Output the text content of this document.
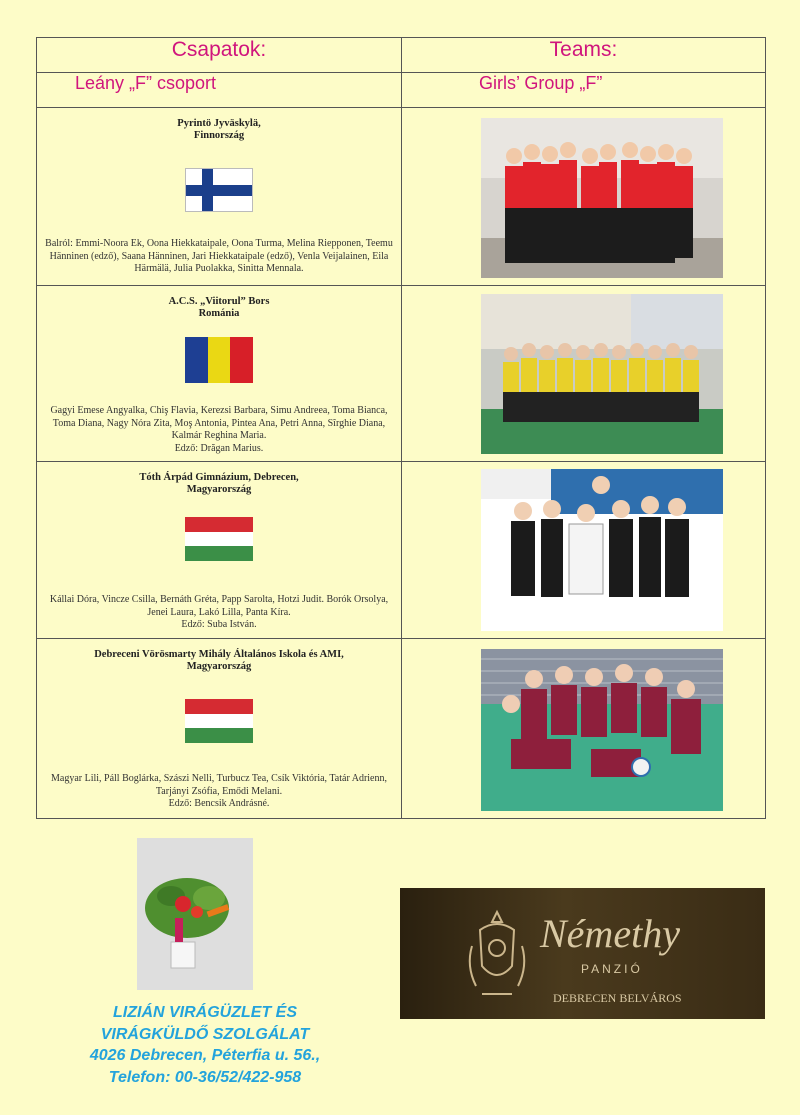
Csapatok:	Teams:
Leány „F” csoport	Girls’ Group „F”

Pyrintö Jyväskylä,
Finnország
Balról: Emmi-Noora Ek, Oona Hiekkataipale, Oona Turma, Melina Riepponen, Teemu Hänninen (edző), Saana Hänninen, Jari Hiekkataipale (edző), Venla Veijalainen, Eila Härmälä, Julia Puolakka, Sinitta Mennala.

A.C.S. „Viitorul” Bors
Románia
Gagyi Emese Angyalka, Chiş Flavia, Kerezsi Barbara, Simu Andreea, Toma Bianca, Toma Diana, Nagy Nóra Zita, Moş Antonia, Pintea Ana, Petri Anna, Sîrghie Diana, Kalmár Reghina Maria.
Edző: Drăgan Marius.

Tóth Árpád Gimnázium, Debrecen,
Magyarország
Kállai Dóra, Vincze Csilla, Bernáth Gréta, Papp Sarolta, Hotzi Judit. Borók Orsolya, Jenei Laura, Lakó Lilla, Panta Kíra.
Edző: Suba István.

Debreceni Vörösmarty Mihály Általános Iskola és AMI,
Magyarország
Magyar Lili, Páll Boglárka, Szászi Nelli, Turbucz Tea, Csík Viktória, Tatár Adrienn, Tarjányi Zsófia, Emődi Melani.
Edző: Bencsik Andrásné.

LIZIÁN VIRÁGÜZLET ÉS
VIRÁGKÜLDŐ SZOLGÁLAT
4026 Debrecen, Péterfia u. 56.,
Telefon: 00-36/52/422-958
Némethy
PANZIÓ
DEBRECEN BELVÁROS
